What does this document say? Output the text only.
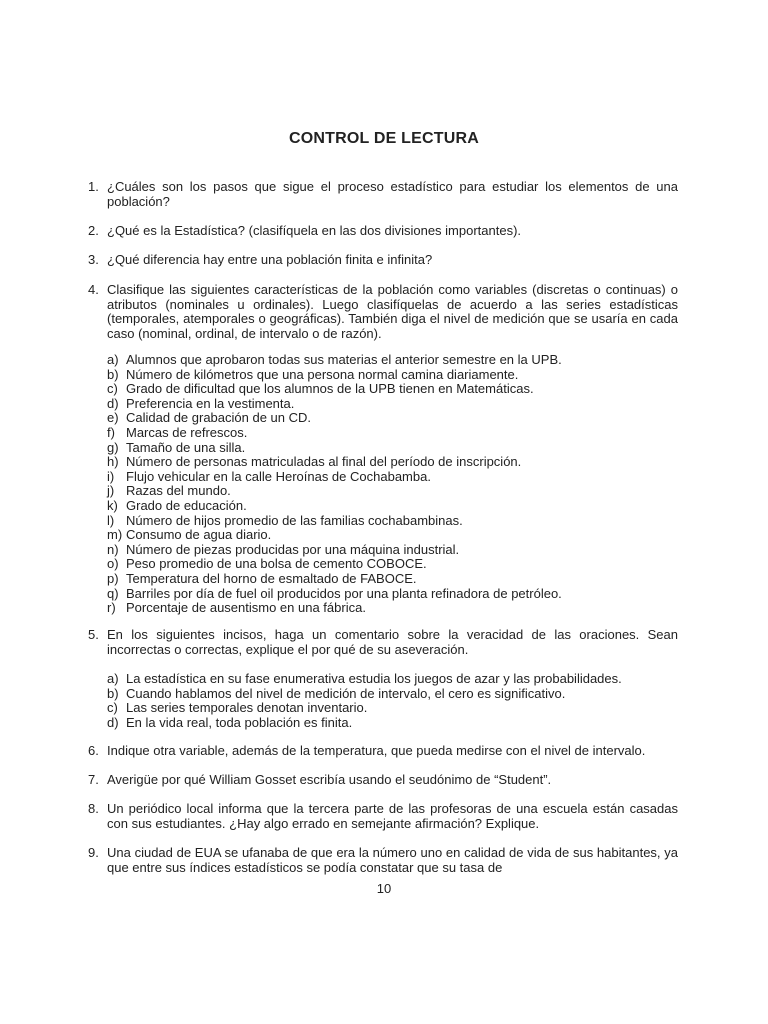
CONTROL DE LECTURA
1. ¿Cuáles son los pasos que sigue el proceso estadístico para estudiar los elementos de una población?
2. ¿Qué es la Estadística? (clasifíquela en las dos divisiones importantes).
3. ¿Qué diferencia hay entre una población finita e infinita?
4. Clasifique las siguientes características de la población como variables (discretas o continuas) o atributos (nominales u ordinales). Luego clasifíquelas de acuerdo a las series estadísticas (temporales, atemporales o geográficas). También diga el nivel de medición que se usaría en cada caso (nominal, ordinal, de intervalo o de razón).
a) Alumnos que aprobaron todas sus materias el anterior semestre en la UPB.
b) Número de kilómetros que una persona normal camina diariamente.
c) Grado de dificultad que los alumnos de la UPB tienen en Matemáticas.
d) Preferencia en la vestimenta.
e) Calidad de grabación de un CD.
f) Marcas de refrescos.
g) Tamaño de una silla.
h) Número de personas matriculadas al final del período de inscripción.
i) Flujo vehicular en la calle Heroínas de Cochabamba.
j) Razas del mundo.
k) Grado de educación.
l) Número de hijos promedio de las familias cochabambinas.
m) Consumo de agua diario.
n) Número de piezas producidas por una máquina industrial.
o) Peso promedio de una bolsa de cemento COBOCE.
p) Temperatura del horno de esmaltado de FABOCE.
q) Barriles por día de fuel oil producidos por una planta refinadora de petróleo.
r) Porcentaje de ausentismo en una fábrica.
5. En los siguientes incisos, haga un comentario sobre la veracidad de las oraciones. Sean incorrectas o correctas, explique el por qué de su aseveración.
a) La estadística en su fase enumerativa estudia los juegos de azar y las probabilidades.
b) Cuando hablamos del nivel de medición de intervalo, el cero es significativo.
c) Las series temporales denotan inventario.
d) En la vida real, toda población es finita.
6. Indique otra variable, además de la temperatura, que pueda medirse con el nivel de intervalo.
7. Averigüe por qué William Gosset escribía usando el seudónimo de “Student”.
8. Un periódico local informa que la tercera parte de las profesoras de una escuela están casadas con sus estudiantes. ¿Hay algo errado en semejante afirmación? Explique.
9. Una ciudad de EUA se ufanaba de que era la número uno en calidad de vida de sus habitantes, ya que entre sus índices estadísticos se podía constatar que su tasa de
10
